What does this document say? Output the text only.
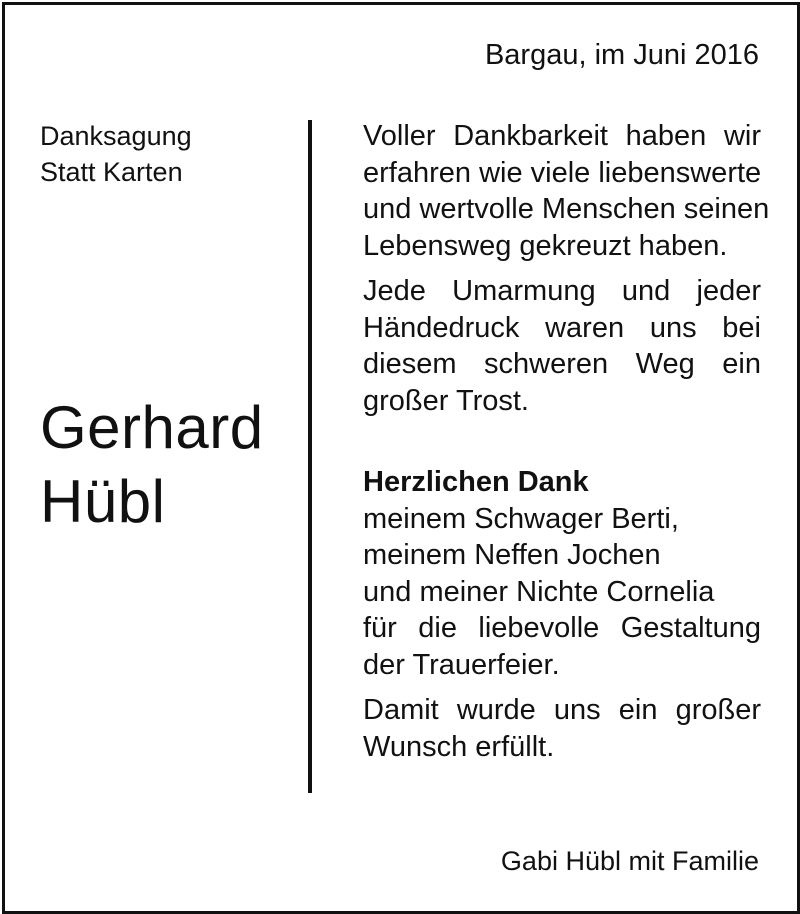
Bargau, im Juni 2016
Danksagung
Statt Karten
Gerhard
Hübl
Voller Dankbarkeit haben wir
erfahren wie viele liebenswerte
und wertvolle Menschen seinen
Lebensweg gekreuzt haben.
Jede Umarmung und jeder
Händedruck waren uns bei
diesem schweren Weg ein
großer Trost.
Herzlichen Dank
meinem Schwager Berti,
meinem Neffen Jochen
und meiner Nichte Cornelia
für die liebevolle Gestaltung
der Trauerfeier.
Damit wurde uns ein großer
Wunsch erfüllt.
Gabi Hübl mit Familie
